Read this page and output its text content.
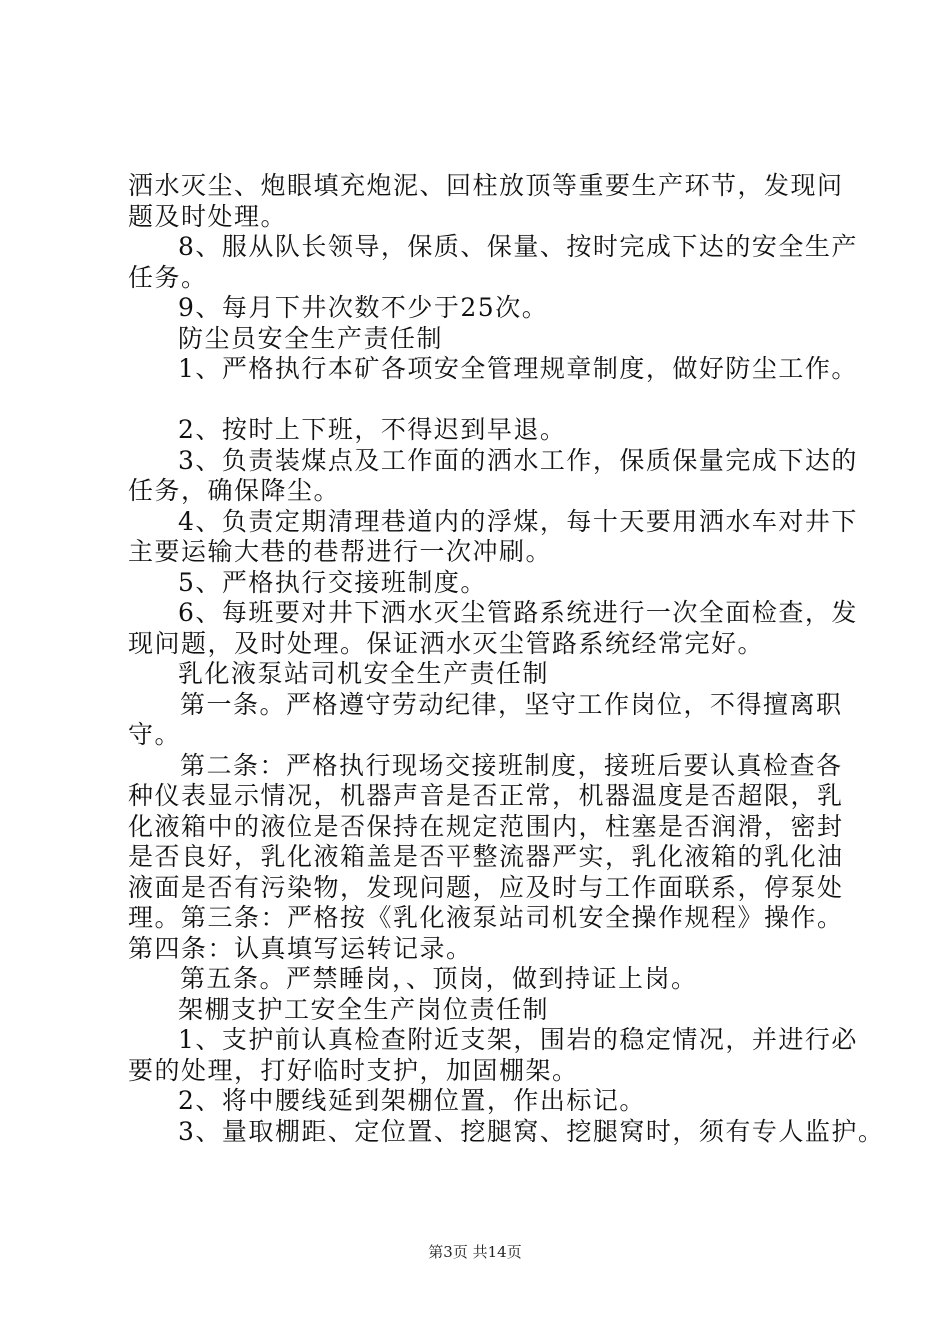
洒水灭尘、炮眼填充炮泥、回柱放顶等重要生产环节，发现问
题及时处理。
8、服从队长领导，保质、保量、按时完成下达的安全生产
任务。
9、每月下井次数不少于25次。
防尘员安全生产责任制
1、严格执行本矿各项安全管理规章制度，做好防尘工作。
2、按时上下班，不得迟到早退。
3、负责装煤点及工作面的洒水工作，保质保量完成下达的
任务，确保降尘。
4、负责定期清理巷道内的浮煤，每十天要用洒水车对井下
主要运输大巷的巷帮进行一次冲刷。
5、严格执行交接班制度。
6、每班要对井下洒水灭尘管路系统进行一次全面检查，发
现问题，及时处理。保证洒水灭尘管路系统经常完好。
乳化液泵站司机安全生产责任制
第一条。严格遵守劳动纪律，坚守工作岗位，不得擅离职
守。
第二条：严格执行现场交接班制度，接班后要认真检查各
种仪表显示情况，机器声音是否正常，机器温度是否超限，乳
化液箱中的液位是否保持在规定范围内，柱塞是否润滑，密封
是否良好，乳化液箱盖是否平整流器严实，乳化液箱的乳化油
液面是否有污染物，发现问题，应及时与工作面联系，停泵处
理。第三条：严格按《乳化液泵站司机安全操作规程》操作。
第四条：认真填写运转记录。
第五条。严禁睡岗，、顶岗，做到持证上岗。
架棚支护工安全生产岗位责任制
1、支护前认真检查附近支架，围岩的稳定情况，并进行必
要的处理，打好临时支护，加固棚架。
2、将中腰线延到架棚位置，作出标记。
3、量取棚距、定位置、挖腿窝、挖腿窝时，须有专人监护。
第3页 共14页
